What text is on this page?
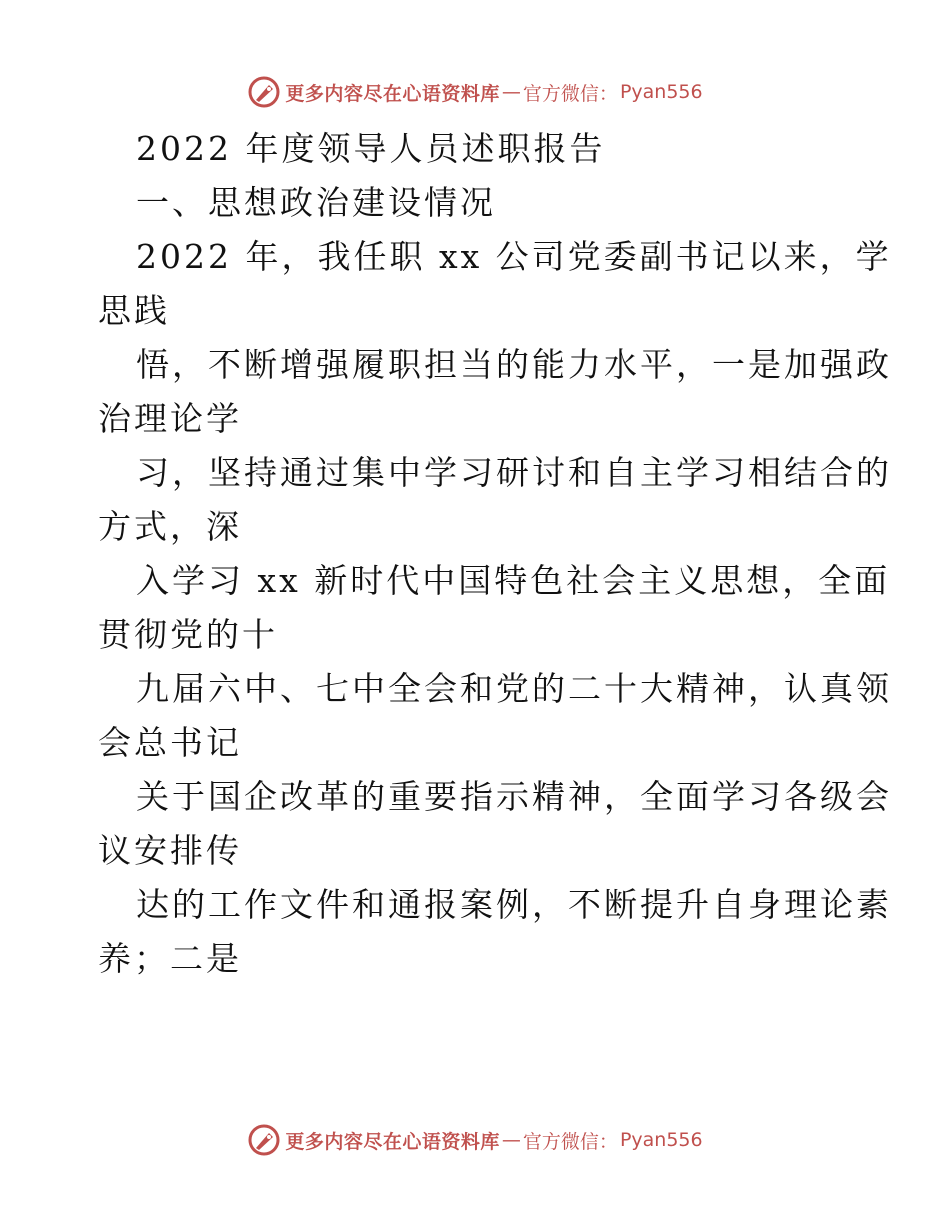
更多内容尽在心语资料库 — 官方微信： Pyan556
2022 年度领导人员述职报告
一、思想政治建设情况
2022 年，我任职 xx 公司党委副书记以来，学
思践
悟，不断增强履职担当的能力水平，一是加强政
治理论学
习，坚持通过集中学习研讨和自主学习相结合的
方式，深
入学习 xx 新时代中国特色社会主义思想，全面
贯彻党的十
九届六中、七中全会和党的二十大精神，认真领
会总书记
关于国企改革的重要指示精神，全面学习各级会
议安排传
达的工作文件和通报案例，不断提升自身理论素
养；二是
更多内容尽在心语资料库 — 官方微信： Pyan556
